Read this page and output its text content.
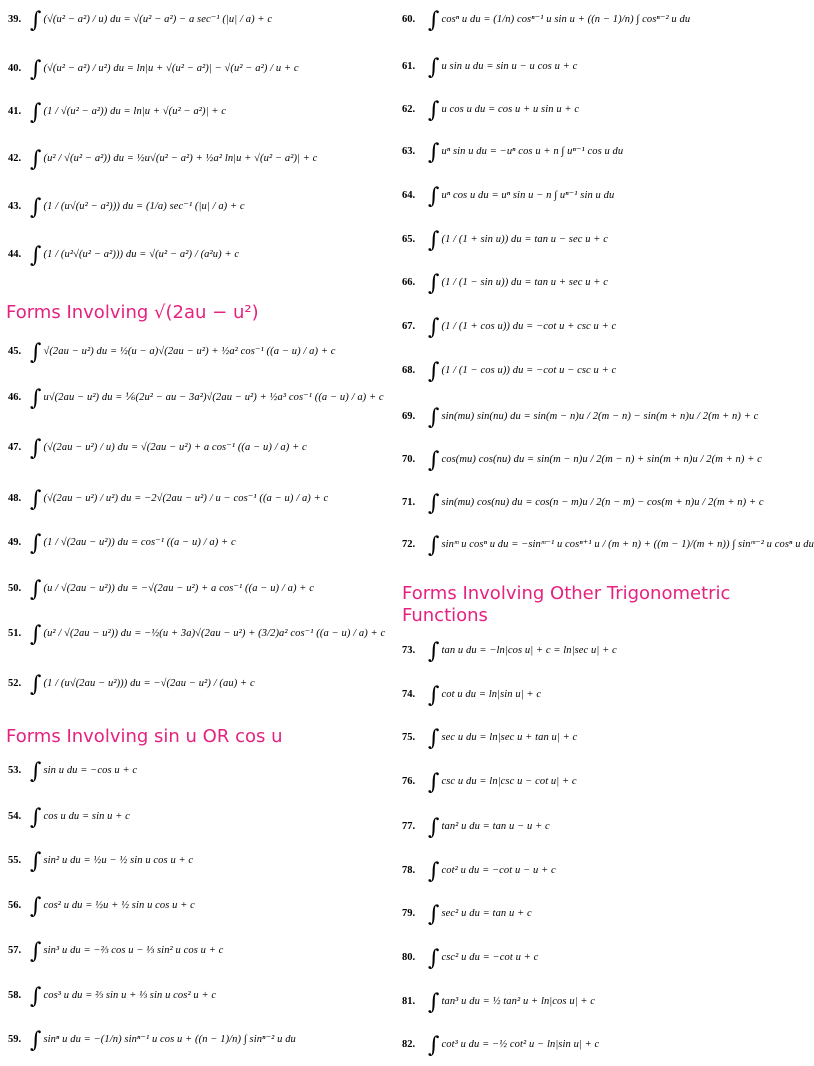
39. ∫ (√(u² − a²) / u) du = √(u² − a²) − a sec⁻¹ (|u| / a) + c
40. ∫ (√(u² − a²) / u²) du = ln|u + √(u² − a²)| − √(u² − a²) / u + c
41. ∫ (1 / √(u² − a²)) du = ln|u + √(u² − a²)| + c
42. ∫ (u² / √(u² − a²)) du = ½u√(u² − a²) + ½a² ln|u + √(u² − a²)| + c
43. ∫ (1 / (u√(u² − a²))) du = (1/a) sec⁻¹ (|u| / a) + c
44. ∫ (1 / (u²√(u² − a²))) du = √(u² − a²) / (a²u) + c
Forms Involving √(2au − u²)
45. ∫ √(2au − u²) du = ½(u − a)√(2au − u²) + ½a² cos⁻¹ ((a − u) / a) + c
46. ∫ u√(2au − u²) du = ⅙(2u² − au − 3a²)√(2au − u²) + ½a³ cos⁻¹ ((a − u) / a) + c
47. ∫ (√(2au − u²) / u) du = √(2au − u²) + a cos⁻¹ ((a − u) / a) + c
48. ∫ (√(2au − u²) / u²) du = −2√(2au − u²) / u − cos⁻¹ ((a − u) / a) + c
49. ∫ (1 / √(2au − u²)) du = cos⁻¹ ((a − u) / a) + c
50. ∫ (u / √(2au − u²)) du = −√(2au − u²) + a cos⁻¹ ((a − u) / a) + c
51. ∫ (u² / √(2au − u²)) du = −½(u + 3a)√(2au − u²) + (3/2)a² cos⁻¹ ((a − u) / a) + c
52. ∫ (1 / (u√(2au − u²))) du = −√(2au − u²) / (au) + c
Forms Involving sin u OR cos u
53. ∫ sin u du = −cos u + c
54. ∫ cos u du = sin u + c
55. ∫ sin² u du = ½u − ½ sin u cos u + c
56. ∫ cos² u du = ½u + ½ sin u cos u + c
57. ∫ sin³ u du = −⅔ cos u − ⅓ sin² u cos u + c
58. ∫ cos³ u du = ⅔ sin u + ⅓ sin u cos² u + c
59. ∫ sinⁿ u du = −(1/n) sinⁿ⁻¹ u cos u + ((n − 1)/n) ∫ sinⁿ⁻² u du
60. ∫ cosⁿ u du = (1/n) cosⁿ⁻¹ u sin u + ((n − 1)/n) ∫ cosⁿ⁻² u du
61. ∫ u sin u du = sin u − u cos u + c
62. ∫ u cos u du = cos u + u sin u + c
63. ∫ uⁿ sin u du = −uⁿ cos u + n ∫ uⁿ⁻¹ cos u du
64. ∫ uⁿ cos u du = uⁿ sin u − n ∫ uⁿ⁻¹ sin u du
65. ∫ (1 / (1 + sin u)) du = tan u − sec u + c
66. ∫ (1 / (1 − sin u)) du = tan u + sec u + c
67. ∫ (1 / (1 + cos u)) du = −cot u + csc u + c
68. ∫ (1 / (1 − cos u)) du = −cot u − csc u + c
69. ∫ sin(mu) sin(nu) du = sin(m − n)u / 2(m − n) − sin(m + n)u / 2(m + n) + c
70. ∫ cos(mu) cos(nu) du = sin(m − n)u / 2(m − n) + sin(m + n)u / 2(m + n) + c
71. ∫ sin(mu) cos(nu) du = cos(n − m)u / 2(n − m) − cos(m + n)u / 2(m + n) + c
72. ∫ sinᵐ u cosⁿ u du = −sinᵐ⁻¹ u cosⁿ⁺¹ u / (m + n) + ((m − 1)/(m + n)) ∫ sinᵐ⁻² u cosⁿ u du
Forms Involving Other Trigonometric Functions
73. ∫ tan u du = −ln|cos u| + c = ln|sec u| + c
74. ∫ cot u du = ln|sin u| + c
75. ∫ sec u du = ln|sec u + tan u| + c
76. ∫ csc u du = ln|csc u − cot u| + c
77. ∫ tan² u du = tan u − u + c
78. ∫ cot² u du = −cot u − u + c
79. ∫ sec² u du = tan u + c
80. ∫ csc² u du = −cot u + c
81. ∫ tan³ u du = ½ tan² u + ln|cos u| + c
82. ∫ cot³ u du = −½ cot² u − ln|sin u| + c
